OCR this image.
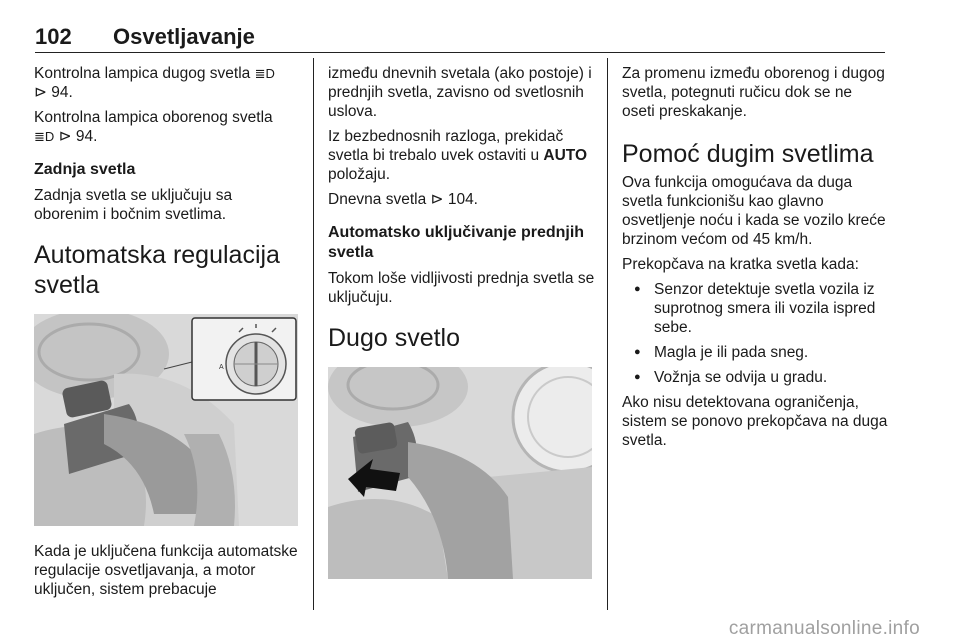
102 Osvetljavanje

Kontrolna lampica dugog svetla ≣D
⊳ 94.

Kontrolna lampica oborenog svetla
≣D ⊳ 94.

Zadnja svetla

Zadnja svetla se uključuju sa oborenim i bočnim svetlima.

Automatska regulacija svetla
A

Kada je uključena funkcija automatske regulacije osvetljavanja, a motor uključen, sistem prebacuje

između dnevnih svetala (ako postoje) i prednjih svetla, zavisno od svetlosnih uslova.

Iz bezbednosnih razloga, prekidač svetla bi trebalo uvek ostaviti u AUTO položaju.

Dnevna svetla ⊳ 104.

Automatsko uključivanje prednjih svetla

Tokom loše vidljivosti prednja svetla se uključuju.

Dugo svetlo

Za promenu između oborenog i dugog svetla, potegnuti ručicu dok se ne oseti preskakanje.

Pomoć dugim svetlima

Ova funkcija omogućava da duga svetla funkcionišu kao glavno osvetljenje noću i kada se vozilo kreće brzinom većom od 45 km/h.

Prekopčava na kratka svetla kada:

● Senzor detektuje svetla vozila iz suprotnog smera ili vozila ispred sebe.
● Magla je ili pada sneg.
● Vožnja se odvija u gradu.

Ako nisu detektovana ograničenja, sistem se ponovo prekopčava na duga svetla.

carmanualsonline.info
